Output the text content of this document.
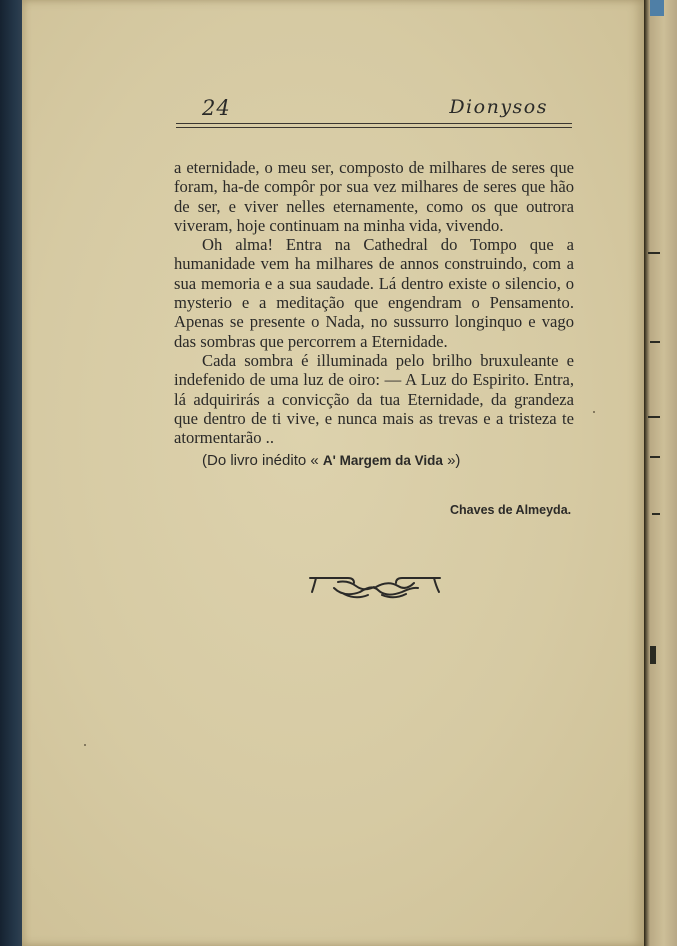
24	Dionysos

a eternidade, o meu ser, composto de milhares de seres que foram, ha-de compôr por sua vez milhares de seres que hão de ser, e viver nelles eternamente, como os que outrora viveram, hoje continuam na minha vida, vivendo.

Oh alma! Entra na Cathedral do Tompo que a humanidade vem ha milhares de annos construindo, com a sua memoria e a sua saudade. Lá dentro existe o silencio, o mysterio e a meditação que engendram o Pensamento. Apenas se presente o Nada, no sussurro longinquo e vago das sombras que percorrem a Eternidade.

Cada sombra é illuminada pelo brilho bruxuleante e indefenido de uma luz de oiro: — A Luz do Espirito. Entra, lá adquirirás a convicção da tua Eternidade, da grandeza que dentro de ti vive, e nunca mais as trevas e a tristeza te atormentarão ..

(Do livro inédito « A' Margem da Vida »)
Chaves de Almeyda.
